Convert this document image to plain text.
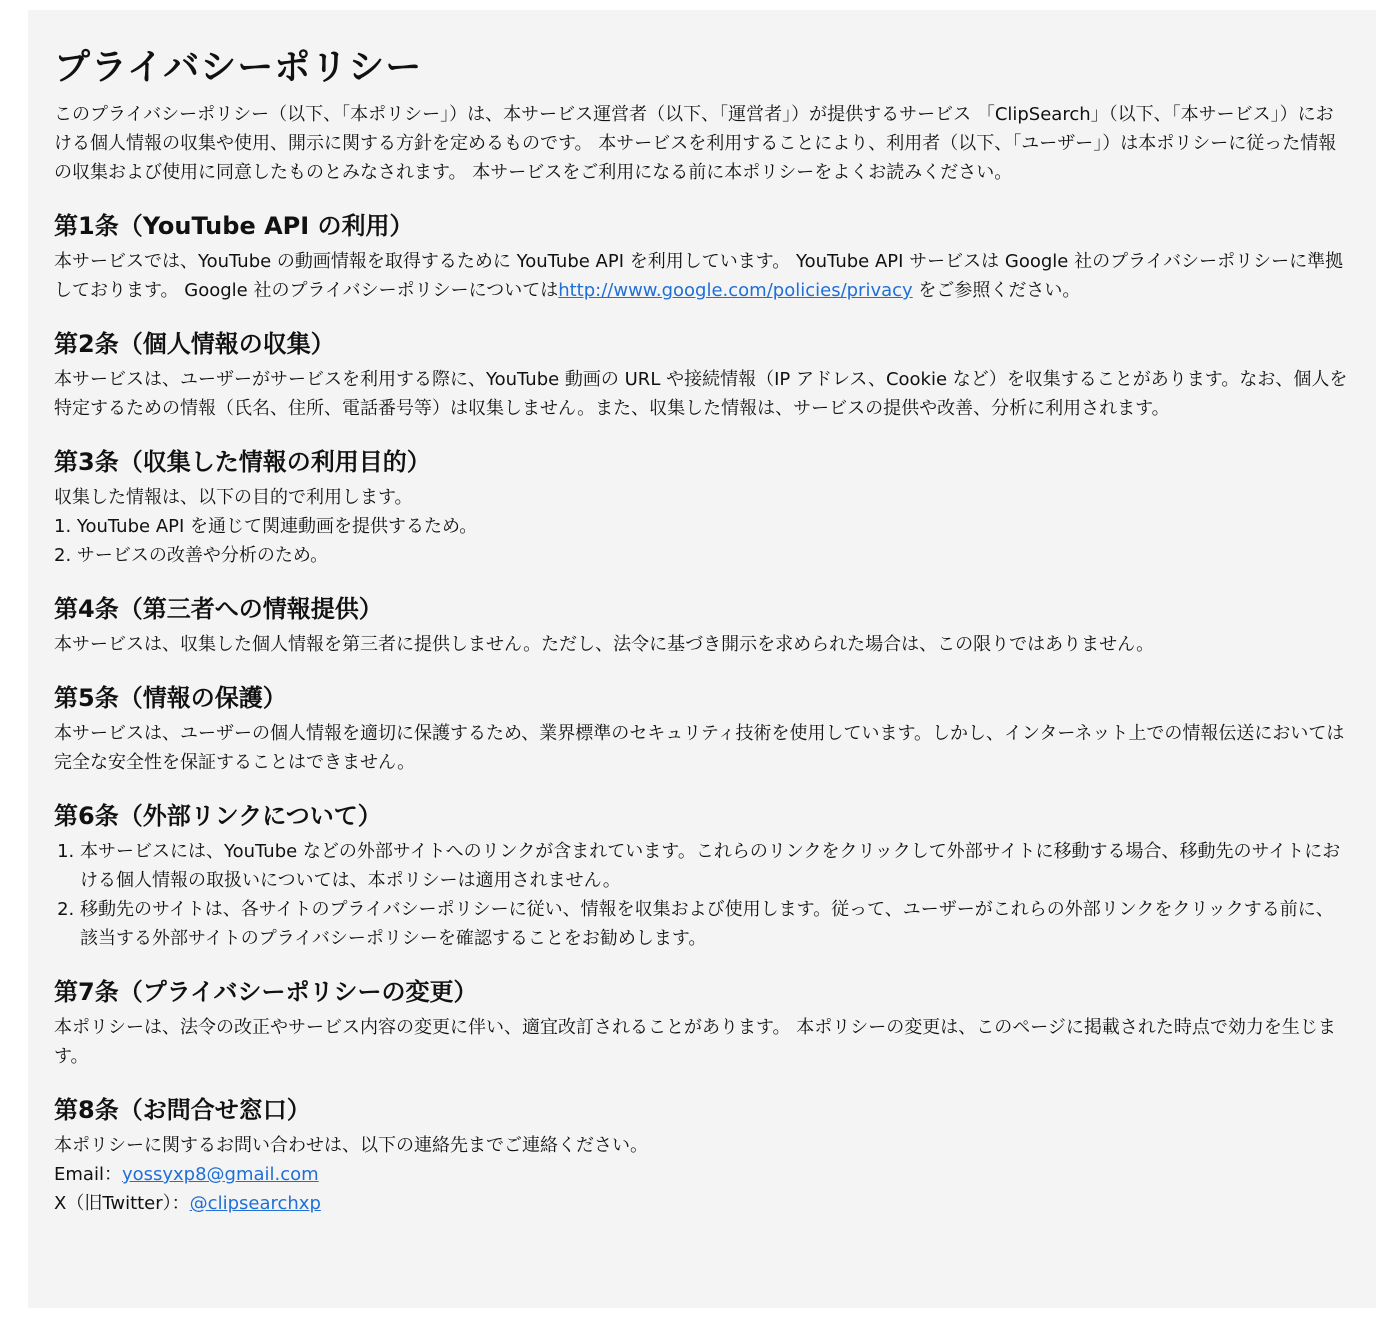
プライバシーポリシー

このプライバシーポリシー（以下、「本ポリシー」）は、本サービス運営者（以下、「運営者」）が提供するサービス 「ClipSearch」（以下、「本サービス」）における個人情報の収集や使用、開示に関する方針を定めるものです。 本サービスを利用することにより、利用者（以下、「ユーザー」）は本ポリシーに従った情報の収集および使用に同意したものとみなされます。 本サービスをご利用になる前に本ポリシーをよくお読みください。

第1条（YouTube API の利用）

本サービスでは、YouTube の動画情報を取得するために YouTube API を利用しています。 YouTube API サービスは Google 社のプライバシーポリシーに準拠しております。 Google 社のプライバシーポリシーについてはhttp://www.google.com/policies/privacy をご参照ください。

第2条（個人情報の収集）

本サービスは、ユーザーがサービスを利用する際に、YouTube 動画の URL や接続情報（IP アドレス、Cookie など）を収集することがあります。なお、個人を特定するための情報（氏名、住所、電話番号等）は収集しません。また、収集した情報は、サービスの提供や改善、分析に利用されます。

第3条（収集した情報の利用目的）

収集した情報は、以下の目的で利用します。

1. YouTube API を通じて関連動画を提供するため。
2. サービスの改善や分析のため。
第4条（第三者への情報提供）

本サービスは、収集した個人情報を第三者に提供しません。ただし、法令に基づき開示を求められた場合は、この限りではありません。

第5条（情報の保護）

本サービスは、ユーザーの個人情報を適切に保護するため、業界標準のセキュリティ技術を使用しています。しかし、インターネット上での情報伝送においては完全な安全性を保証することはできません。

第6条（外部リンクについて）
1. 本サービスには、YouTube などの外部サイトへのリンクが含まれています。これらのリンクをクリックして外部サイトに移動する場合、移動先のサイトにおける個人情報の取扱いについては、本ポリシーは適用されません。
2. 移動先のサイトは、各サイトのプライバシーポリシーに従い、情報を収集および使用します。従って、ユーザーがこれらの外部リンクをクリックする前に、該当する外部サイトのプライバシーポリシーを確認することをお勧めします。
第7条（プライバシーポリシーの変更）

本ポリシーは、法令の改正やサービス内容の変更に伴い、適宜改訂されることがあります。 本ポリシーの変更は、このページに掲載された時点で効力を生じます。

第8条（お問合せ窓口）

本ポリシーに関するお問い合わせは、以下の連絡先までご連絡ください。

Email：yossyxp8@gmail.com

X（旧Twitter）：@clipsearchxp
